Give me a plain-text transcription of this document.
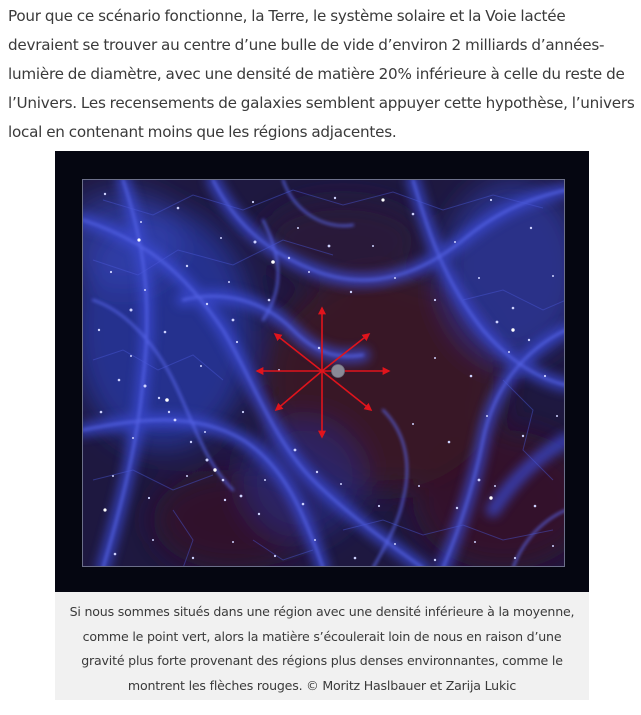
Pour que ce scénario fonctionne, la Terre, le système solaire et la Voie lactée devraient se trouver au centre d’une bulle de vide d’environ 2 milliards d’années-lumière de diamètre, avec une densité de matière 20% inférieure à celle du reste de l’Univers. Les recensements de galaxies semblent appuyer cette hypothèse, l’univers local en contenant moins que les régions adjacentes.

Si nous sommes situés dans une région avec une densité inférieure à la moyenne, comme le point vert, alors la matière s’écoulerait loin de nous en raison d’une gravité plus forte provenant des régions plus denses environnantes, comme le montrent les flèches rouges. © Moritz Haslbauer et Zarija Lukic
